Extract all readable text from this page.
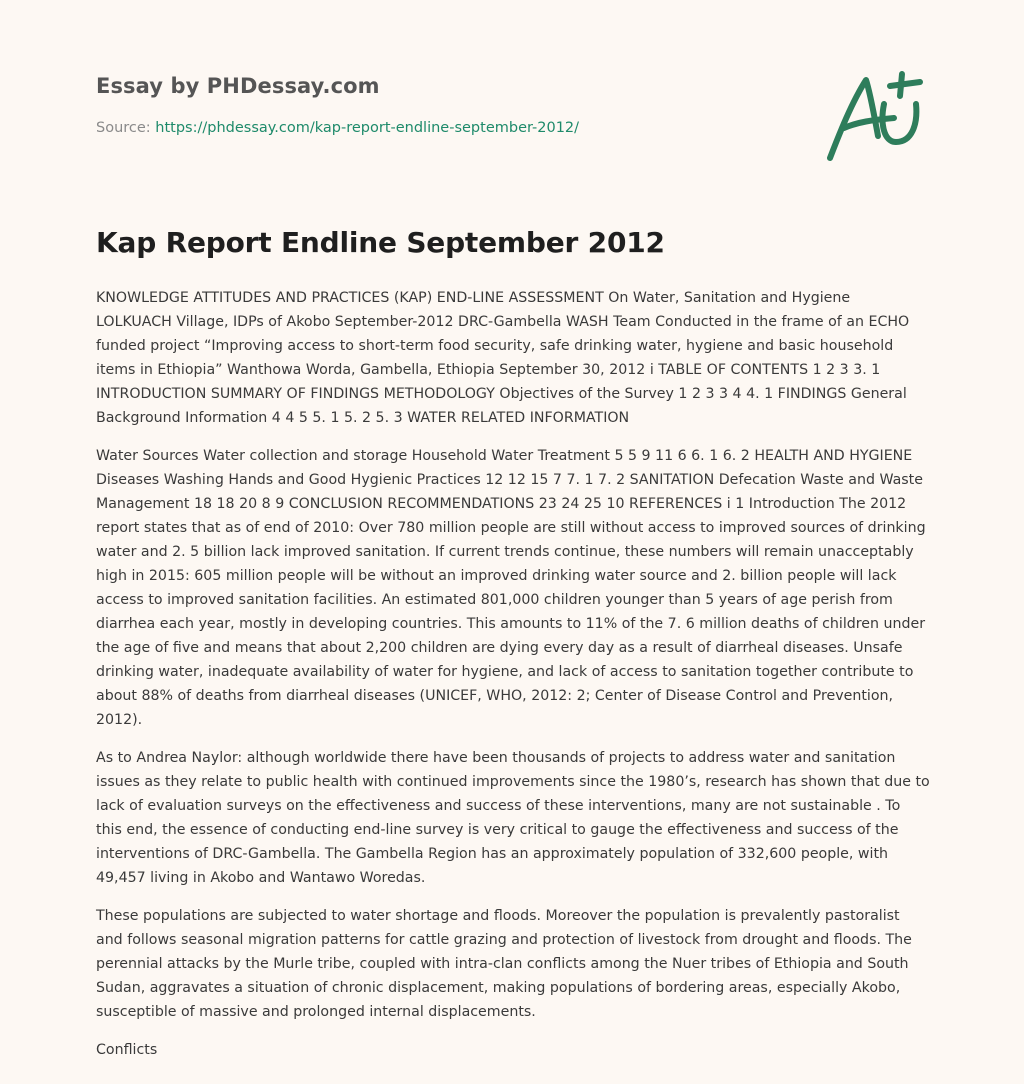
Essay by PHDessay.com
Source: https://phdessay.com/kap-report-endline-september-2012/
Kap Report Endline September 2012

KNOWLEDGE ATTITUDES AND PRACTICES (KAP) END-LINE ASSESSMENT On Water, Sanitation and Hygiene LOLKUACH Village, IDPs of Akobo September-2012 DRC-Gambella WASH Team Conducted in the frame of an ECHO funded project “Improving access to short-term food security, safe drinking water, hygiene and basic household items in Ethiopia” Wanthowa Worda, Gambella, Ethiopia September 30, 2012 i TABLE OF CONTENTS 1 2 3 3. 1 INTRODUCTION SUMMARY OF FINDINGS METHODOLOGY Objectives of the Survey 1 2 3 3 4 4. 1 FINDINGS General Background Information 4 4 5 5. 1 5. 2 5. 3 WATER RELATED INFORMATION

Water Sources Water collection and storage Household Water Treatment 5 5 9 11 6 6. 1 6. 2 HEALTH AND HYGIENE Diseases Washing Hands and Good Hygienic Practices 12 12 15 7 7. 1 7. 2 SANITATION Defecation Waste and Waste Management 18 18 20 8 9 CONCLUSION RECOMMENDATIONS 23 24 25 10 REFERENCES i 1 Introduction The 2012 report states that as of end of 2010: Over 780 million people are still without access to improved sources of drinking water and 2. 5 billion lack improved sanitation. If current trends continue, these numbers will remain unacceptably high in 2015: 605 million people will be without an improved drinking water source and 2. billion people will lack access to improved sanitation facilities. An estimated 801,000 children younger than 5 years of age perish from diarrhea each year, mostly in developing countries. This amounts to 11% of the 7. 6 million deaths of children under the age of five and means that about 2,200 children are dying every day as a result of diarrheal diseases. Unsafe drinking water, inadequate availability of water for hygiene, and lack of access to sanitation together contribute to about 88% of deaths from diarrheal diseases (UNICEF, WHO, 2012: 2; Center of Disease Control and Prevention, 2012).

As to Andrea Naylor: although worldwide there have been thousands of projects to address water and sanitation issues as they relate to public health with continued improvements since the 1980’s, research has shown that due to lack of evaluation surveys on the effectiveness and success of these interventions, many are not sustainable . To this end, the essence of conducting end-line survey is very critical to gauge the effectiveness and success of the interventions of DRC-Gambella. The Gambella Region has an approximately population of 332,600 people, with 49,457 living in Akobo and Wantawo Woredas.

These populations are subjected to water shortage and floods. Moreover the population is prevalently pastoralist and follows seasonal migration patterns for cattle grazing and protection of livestock from drought and floods. The perennial attacks by the Murle tribe, coupled with intra-clan conflicts among the Nuer tribes of Ethiopia and South Sudan, aggravates a situation of chronic displacement, making populations of bordering areas, especially Akobo, susceptible of massive and prolonged internal displacements.

Conflicts
